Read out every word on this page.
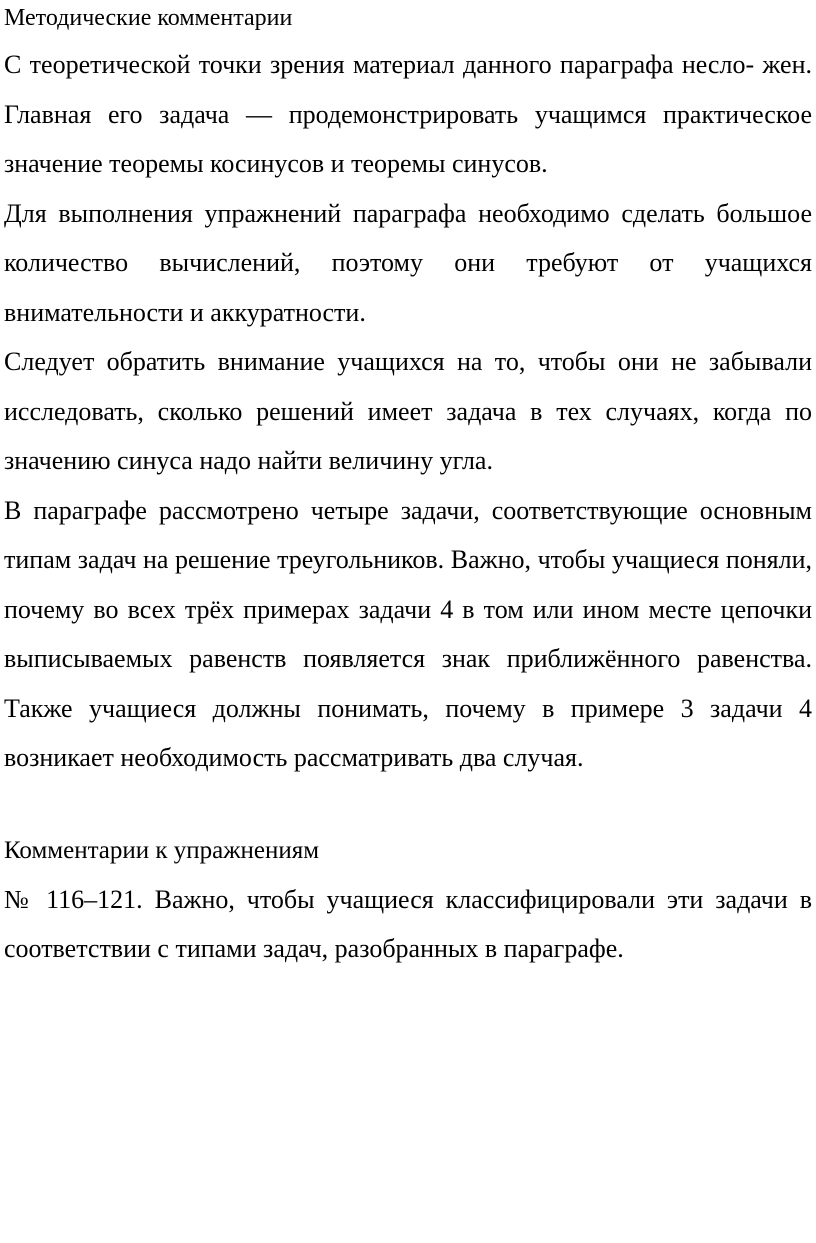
Методические комментарии

С теоретической точки зрения материал данного параграфа несло- жен. Главная его задача — продемонстрировать учащимся практическое значение теоремы косинусов и теоремы синусов.

Для выполнения упражнений параграфа необходимо сделать большое количество вычислений, поэтому они требуют от учащихся внимательности и аккуратности.

Следует обратить внимание учащихся на то, чтобы они не забывали исследовать, сколько решений имеет задача в тех случаях, когда по значению синуса надо найти величину угла.

В параграфе рассмотрено четыре задачи, соответствующие основным типам задач на решение треугольников. Важно, чтобы учащиеся поняли, почему во всех трёх примерах задачи 4 в том или ином месте цепочки выписываемых равенств появляется знак приближённого равенства. Также учащиеся должны понимать, почему в примере 3 задачи 4 возникает необходимость рассматривать два случая.

Комментарии к упражнениям

№ 116–121. Важно, чтобы учащиеся классифицировали эти задачи в соответствии с типами задач, разобранных в параграфе.
